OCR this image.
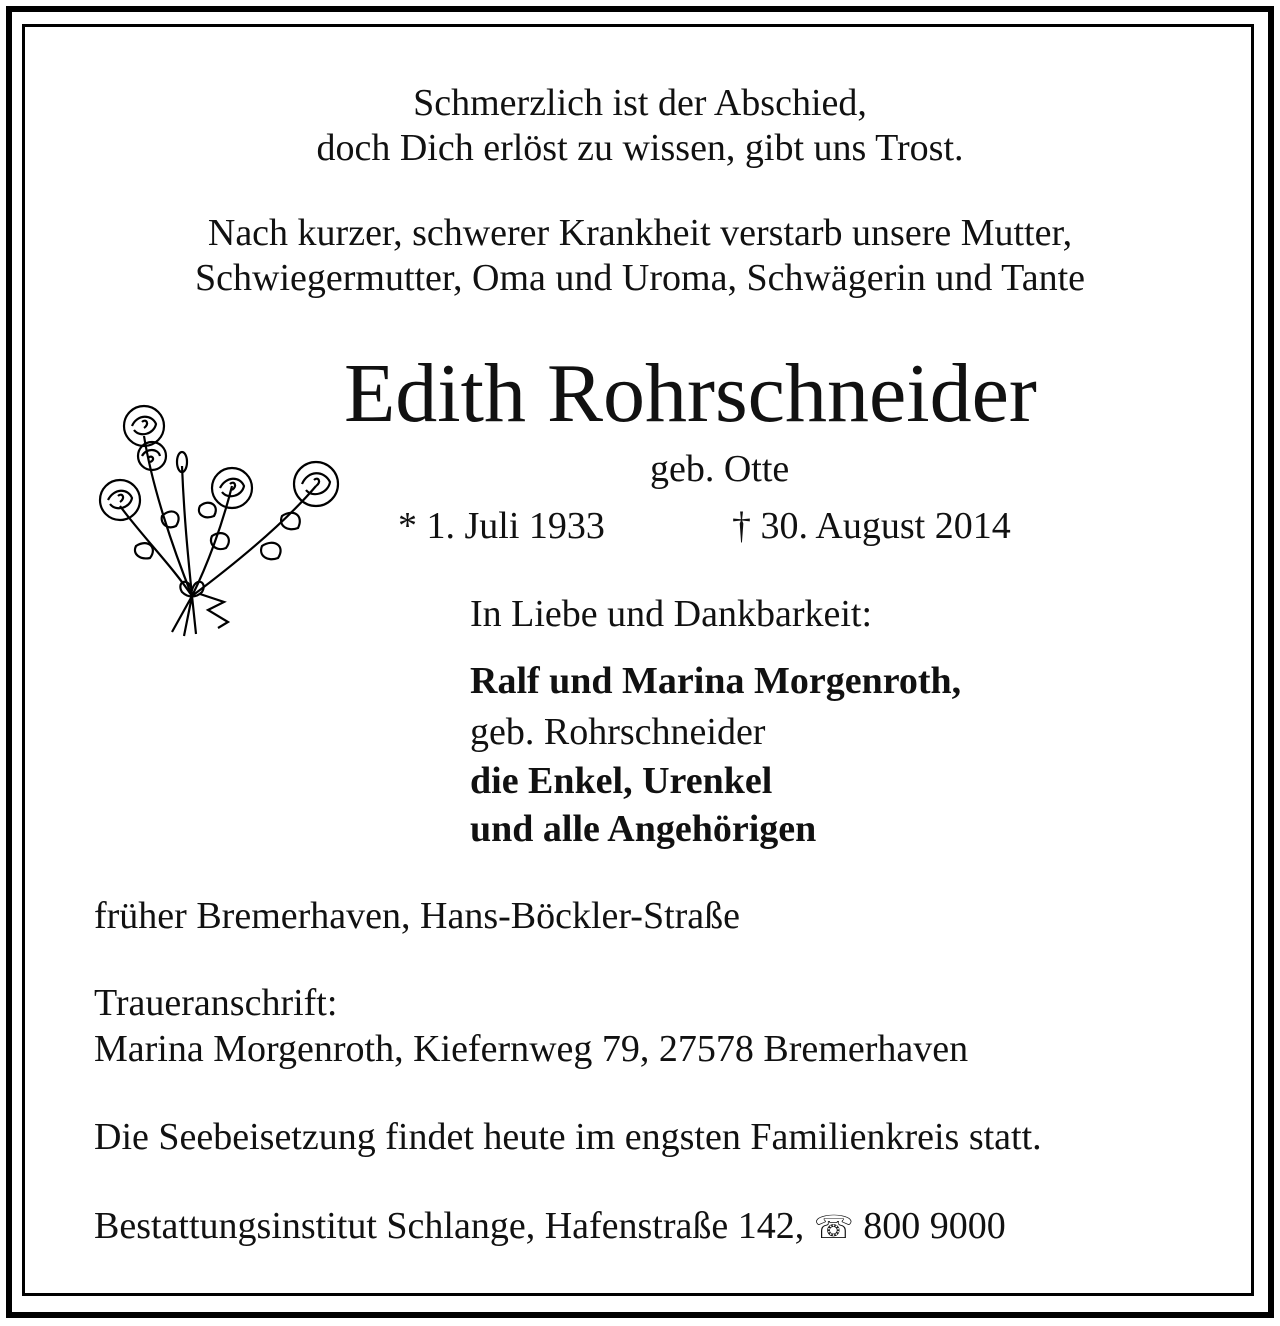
Schmerzlich ist der Abschied,
doch Dich erlöst zu wissen, gibt uns Trost.
Nach kurzer, schwerer Krankheit verstarb unsere Mutter,
Schwiegermutter, Oma und Uroma, Schwägerin und Tante
Edith Rohrschneider
geb. Otte
* 1. Juli 1933	† 30. August 2014
In Liebe und Dankbarkeit:
Ralf und Marina Morgenroth,
geb. Rohrschneider
die Enkel, Urenkel
und alle Angehörigen
früher Bremerhaven, Hans-Böckler-Straße
Traueranschrift:
Marina Morgenroth, Kiefernweg 79, 27578 Bremerhaven
Die Seebeisetzung findet heute im engsten Familienkreis statt.
Bestattungsinstitut Schlange, Hafenstraße 142, ☏ 800 9000
